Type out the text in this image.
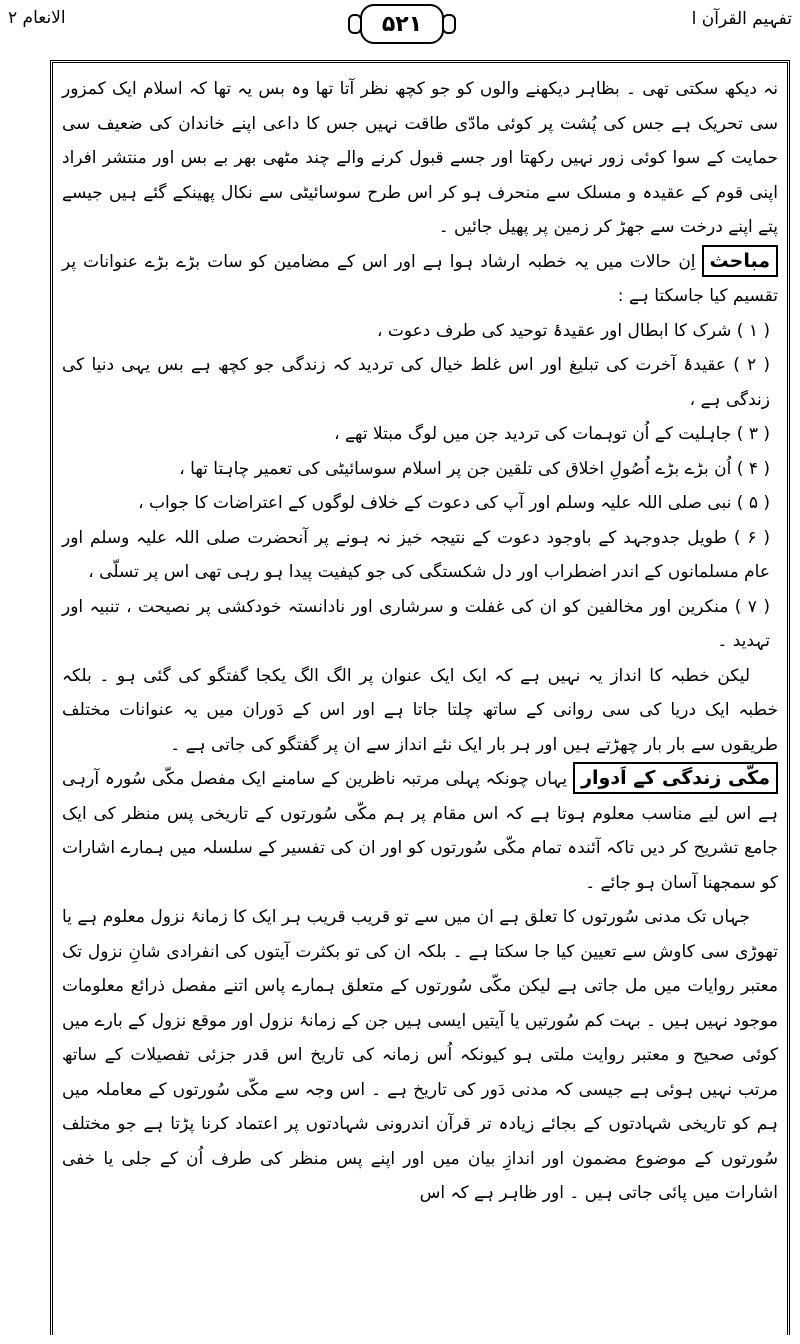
تفہیم القرآن ا
۵۲۱
الانعام ۲

نہ دیکھ سکتی تھی ۔ بظاہر دیکھنے والوں کو جو کچھ نظر آتا تھا وہ بس یہ تھا کہ اسلام ایک کمزور سی تحریک ہے جس کی پُشت پر کوئی مادّی طاقت نہیں جس کا داعی اپنے خاندان کی ضعیف سی حمایت کے سوا کوئی زور نہیں رکھتا اور جسے قبول کرنے والے چند مٹھی بھر بے بس اور منتشر افراد اپنی قوم کے عقیدہ و مسلک سے منحرف ہو کر اس طرح سوسائیٹی سے نکال پھینکے گئے ہیں جیسے پتے اپنے درخت سے جھڑ کر زمین پر پھیل جائیں ۔

مباحثاِن حالات میں یہ خطبہ ارشاد ہوا ہے اور اس کے مضامین کو سات بڑے بڑے عنوانات پر تقسیم کیا جاسکتا ہے :

( ۱ ) شرک کا ابطال اور عقیدۂ توحید کی طرف دعوت ،

( ۲ ) عقیدۂ آخرت کی تبلیغ اور اس غلط خیال کی تردید کہ زندگی جو کچھ ہے بس یہی دنیا کی زندگی ہے ،

( ۳ ) جاہلیت کے اُن توہمات کی تردید جن میں لوگ مبتلا تھے ،

( ۴ ) اُن بڑے بڑے اُصُولِ اخلاق کی تلقین جن پر اسلام سوسائیٹی کی تعمیر چاہتا تھا ،

( ۵ ) نبی صلی اللہ علیہ وسلم اور آپ کی دعوت کے خلاف لوگوں کے اعتراضات کا جواب ،

( ۶ ) طویل جدوجہد کے باوجود دعوت کے نتیجہ خیز نہ ہونے پر آنحضرت صلی اللہ علیہ وسلم اور عام مسلمانوں کے اندر اضطراب اور دل شکستگی کی جو کیفیت پیدا ہو رہی تھی اس پر تسلّی ،

( ۷ ) منکرین اور مخالفین کو ان کی غفلت و سرشاری اور نادانستہ خودکشی پر نصیحت ، تنبیہ اور تہدید ۔

لیکن خطبہ کا انداز یہ نہیں ہے کہ ایک ایک عنوان پر الگ الگ یکجا گفتگو کی گئی ہو ۔ بلکہ خطبہ ایک دریا کی سی روانی کے ساتھ چلتا جاتا ہے اور اس کے دَوران میں یہ عنوانات مختلف طریقوں سے بار بار چھڑتے ہیں اور ہر بار ایک نئے انداز سے ان پر گفتگو کی جاتی ہے ۔

مکّی زندگی کے اَدواریہاں چونکہ پہلی مرتبہ ناظرین کے سامنے ایک مفصل مکّی سُورہ آرہی ہے اس لیے مناسب معلوم ہوتا ہے کہ اس مقام پر ہم مکّی سُورتوں کے تاریخی پس منظر کی ایک جامع تشریح کر دیں تاکہ آئندہ تمام مکّی سُورتوں کو اور ان کی تفسیر کے سلسلہ میں ہمارے اشارات کو سمجھنا آسان ہو جائے ۔

جہاں تک مدنی سُورتوں کا تعلق ہے ان میں سے تو قریب قریب ہر ایک کا زمانۂ نزول معلوم ہے یا تھوڑی سی کاوش سے تعیین کیا جا سکتا ہے ۔ بلکہ ان کی تو بکثرت آیتوں کی انفرادی شانِ نزول تک معتبر روایات میں مل جاتی ہے لیکن مکّی سُورتوں کے متعلق ہمارے پاس اتنے مفصل ذرائع معلومات موجود نہیں ہیں ۔ بہت کم سُورتیں یا آیتیں ایسی ہیں جن کے زمانۂ نزول اور موقع نزول کے بارے میں کوئی صحیح و معتبر روایت ملتی ہو کیونکہ اُس زمانہ کی تاریخ اس قدر جزئی تفصیلات کے ساتھ مرتب نہیں ہوئی ہے جیسی کہ مدنی دَور کی تاریخ ہے ۔ اس وجہ سے مکّی سُورتوں کے معاملہ میں ہم کو تاریخی شہادتوں کے بجائے زیادہ تر قرآن اندرونی شہادتوں پر اعتماد کرنا پڑتا ہے جو مختلف سُورتوں کے موضوع مضمون اور اندازِ بیان میں اور اپنے پس منظر کی طرف اُن کے جلی یا خفی اشارات میں پائی جاتی ہیں ۔ اور ظاہر ہے کہ اس
